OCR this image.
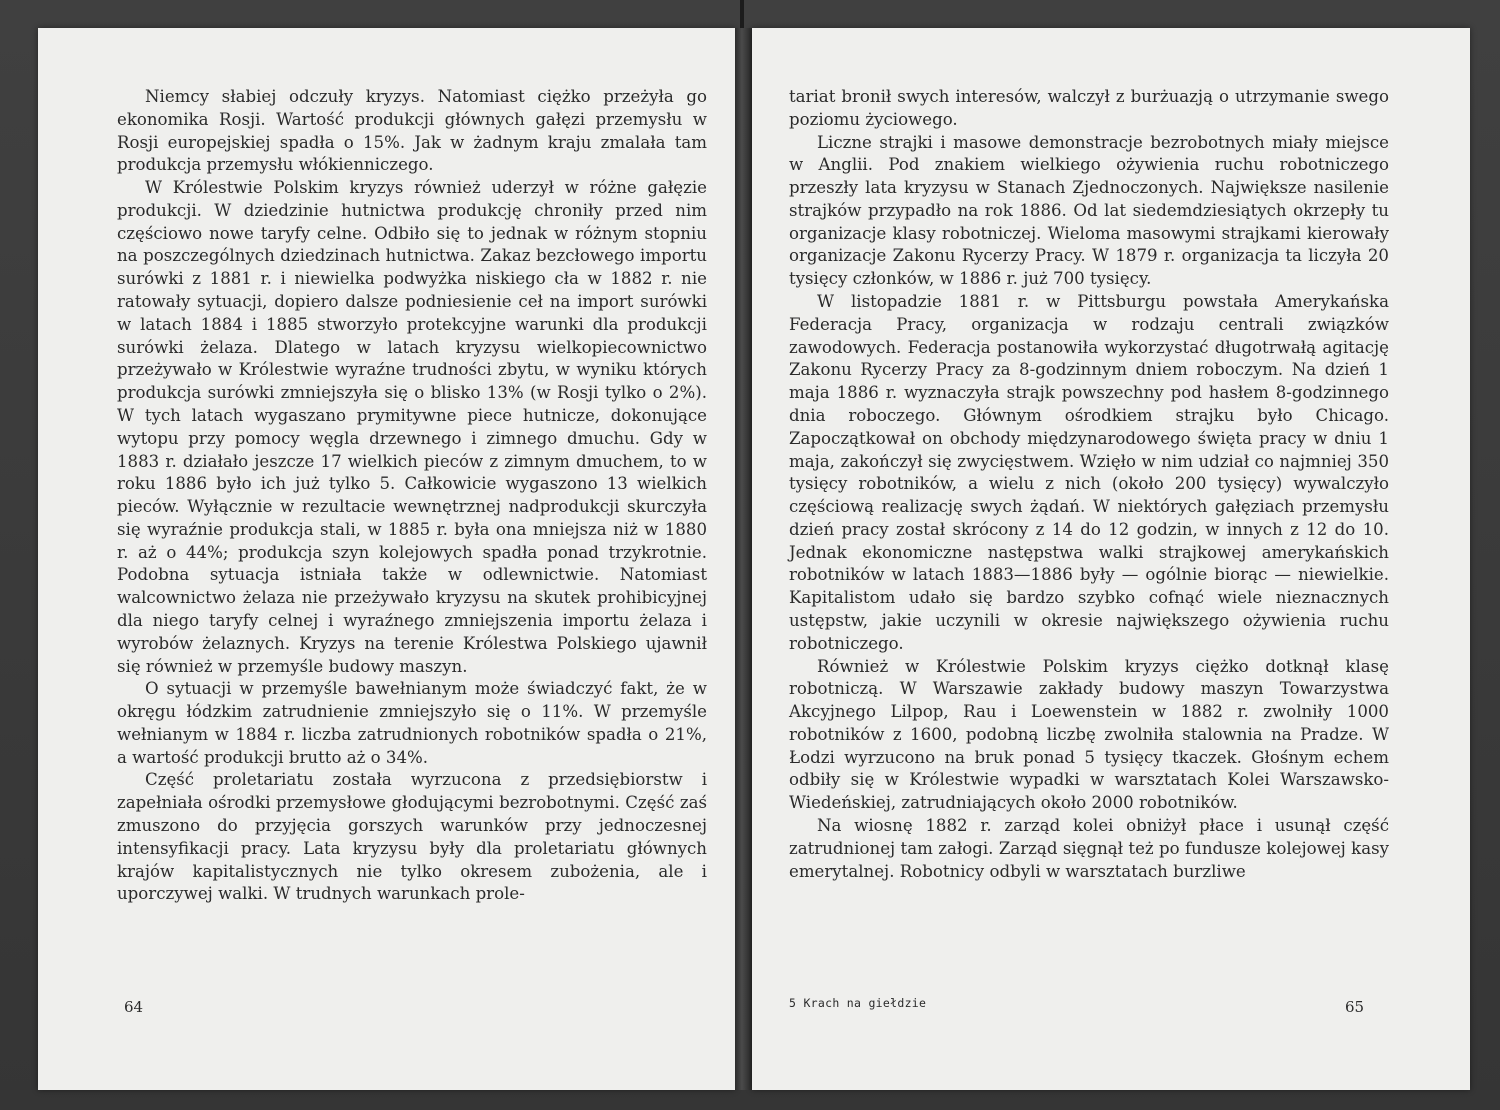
Niemcy słabiej odczuły kryzys. Natomiast ciężko przeżyła go ekonomika Rosji. Wartość produkcji głównych gałęzi przemysłu w Rosji europejskiej spadła o 15%. Jak w żadnym kraju zmalała tam produkcja przemysłu włókienniczego.

W Królestwie Polskim kryzys również uderzył w różne gałęzie produkcji. W dziedzinie hutnictwa produkcję chroniły przed nim częściowo nowe taryfy celne. Odbiło się to jednak w różnym stopniu na poszczególnych dziedzinach hutnictwa. Zakaz bezcłowego importu surówki z 1881 r. i niewielka podwyżka niskiego cła w 1882 r. nie ratowały sytuacji, dopiero dalsze podniesienie ceł na import surówki w latach 1884 i 1885 stworzyło protekcyjne warunki dla produkcji surówki żelaza. Dlatego w latach kryzysu wielkopiecownictwo przeżywało w Królestwie wyraźne trudności zbytu, w wyniku których produkcja surówki zmniejszyła się o blisko 13% (w Rosji tylko o 2%). W tych latach wygaszano prymitywne piece hutnicze, dokonujące wytopu przy pomocy węgla drzewnego i zimnego dmuchu. Gdy w 1883 r. działało jeszcze 17 wielkich pieców z zimnym dmuchem, to w roku 1886 było ich już tylko 5. Całkowicie wygaszono 13 wielkich pieców. Wyłącznie w rezultacie wewnętrznej nadprodukcji skurczyła się wyraźnie produkcja stali, w 1885 r. była ona mniejsza niż w 1880 r. aż o 44%; produkcja szyn kolejowych spadła ponad trzykrotnie. Podobna sytuacja istniała także w odlewnictwie. Natomiast walcownictwo żelaza nie przeżywało kryzysu na skutek prohibicyjnej dla niego taryfy celnej i wyraźnego zmniejszenia importu żelaza i wyrobów żelaznych. Kryzys na terenie Królestwa Polskiego ujawnił się również w przemyśle budowy maszyn.

O sytuacji w przemyśle bawełnianym może świadczyć fakt, że w okręgu łódzkim zatrudnienie zmniejszyło się o 11%. W przemyśle wełnianym w 1884 r. liczba zatrudnionych robotników spadła o 21%, a wartość produkcji brutto aż o 34%.

Część proletariatu została wyrzucona z przedsiębiorstw i zapełniała ośrodki przemysłowe głodującymi bezrobotnymi. Część zaś zmuszono do przyjęcia gorszych warunków przy jednoczesnej intensyfikacji pracy. Lata kryzysu były dla proletariatu głównych krajów kapitalistycznych nie tylko okresem zubożenia, ale i uporczywej walki. W trudnych warunkach prole-

64

tariat bronił swych interesów, walczył z burżuazją o utrzymanie swego poziomu życiowego.

Liczne strajki i masowe demonstracje bezrobotnych miały miejsce w Anglii. Pod znakiem wielkiego ożywienia ruchu robotniczego przeszły lata kryzysu w Stanach Zjednoczonych. Największe nasilenie strajków przypadło na rok 1886. Od lat siedemdziesiątych okrzepły tu organizacje klasy robotniczej. Wieloma masowymi strajkami kierowały organizacje Zakonu Rycerzy Pracy. W 1879 r. organizacja ta liczyła 20 tysięcy członków, w 1886 r. już 700 tysięcy.

W listopadzie 1881 r. w Pittsburgu powstała Amerykańska Federacja Pracy, organizacja w rodzaju centrali związków zawodowych. Federacja postanowiła wykorzystać długotrwałą agitację Zakonu Rycerzy Pracy za 8-godzinnym dniem roboczym. Na dzień 1 maja 1886 r. wyznaczyła strajk powszechny pod hasłem 8-godzinnego dnia roboczego. Głównym ośrodkiem strajku było Chicago. Zapoczątkował on obchody międzynarodowego święta pracy w dniu 1 maja, zakończył się zwycięstwem. Wzięło w nim udział co najmniej 350 tysięcy robotników, a wielu z nich (około 200 tysięcy) wywalczyło częściową realizację swych żądań. W niektórych gałęziach przemysłu dzień pracy został skrócony z 14 do 12 godzin, w innych z 12 do 10. Jednak ekonomiczne następstwa walki strajkowej amerykańskich robotników w latach 1883—1886 były — ogólnie biorąc — niewielkie. Kapitalistom udało się bardzo szybko cofnąć wiele nieznacznych ustępstw, jakie uczynili w okresie największego ożywienia ruchu robotniczego.

Również w Królestwie Polskim kryzys ciężko dotknął klasę robotniczą. W Warszawie zakłady budowy maszyn Towarzystwa Akcyjnego Lilpop, Rau i Loewenstein w 1882 r. zwolniły 1000 robotników z 1600, podobną liczbę zwolniła stalownia na Pradze. W Łodzi wyrzucono na bruk ponad 5 tysięcy tkaczek. Głośnym echem odbiły się w Królestwie wypadki w warsztatach Kolei Warszawsko-Wiedeńskiej, zatrudniających około 2000 robotników.

Na wiosnę 1882 r. zarząd kolei obniżył płace i usunął część zatrudnionej tam załogi. Zarząd sięgnął też po fundusze kolejowej kasy emerytalnej. Robotnicy odbyli w warsztatach burzliwe

5 Krach na giełdzie	65
